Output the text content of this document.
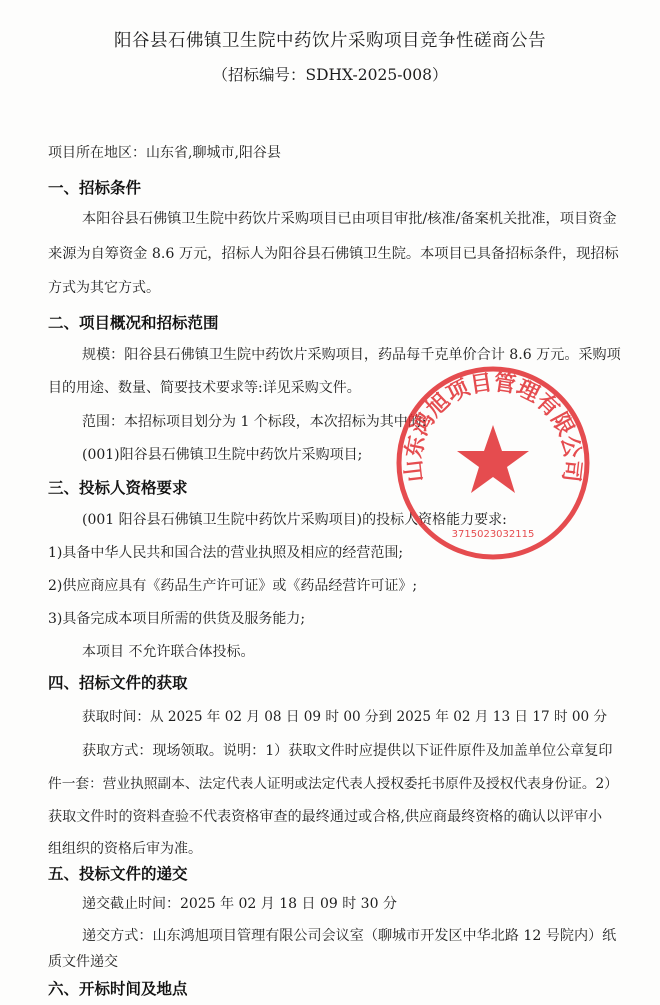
阳谷县石佛镇卫生院中药饮片采购项目竞争性磋商公告
（招标编号：SDHX-2025-008）
项目所在地区：山东省,聊城市,阳谷县
一、招标条件
本阳谷县石佛镇卫生院中药饮片采购项目已由项目审批/核准/备案机关批准，项目资金
来源为自筹资金 8.6 万元，招标人为阳谷县石佛镇卫生院。本项目已具备招标条件，现招标
方式为其它方式。
二、项目概况和招标范围
规模：阳谷县石佛镇卫生院中药饮片采购项目，药品每千克单价合计 8.6 万元。采购项
目的用途、数量、简要技术要求等:详见采购文件。
范围：本招标项目划分为 1 个标段，本次招标为其中的:
(001)阳谷县石佛镇卫生院中药饮片采购项目;
三、投标人资格要求
(001 阳谷县石佛镇卫生院中药饮片采购项目)的投标人资格能力要求:
1)具备中华人民共和国合法的营业执照及相应的经营范围;
2)供应商应具有《药品生产许可证》或《药品经营许可证》;
3)具备完成本项目所需的供货及服务能力;
本项目 不允许联合体投标。
四、招标文件的获取
获取时间：从 2025 年 02 月 08 日 09 时 00 分到 2025 年 02 月 13 日 17 时 00 分
获取方式：现场领取。说明：1）获取文件时应提供以下证件原件及加盖单位公章复印
件一套：营业执照副本、法定代表人证明或法定代表人授权委托书原件及授权代表身份证。2）
获取文件时的资料查验不代表资格审查的最终通过或合格,供应商最终资格的确认以评审小
组组织的资格后审为准。
五、投标文件的递交
递交截止时间：2025 年 02 月 18 日 09 时 30 分
递交方式：山东鸿旭项目管理有限公司会议室（聊城市开发区中华北路 12 号院内）纸
质文件递交
六、开标时间及地点
山东鸿旭项目管理有限公司
3715023032115
